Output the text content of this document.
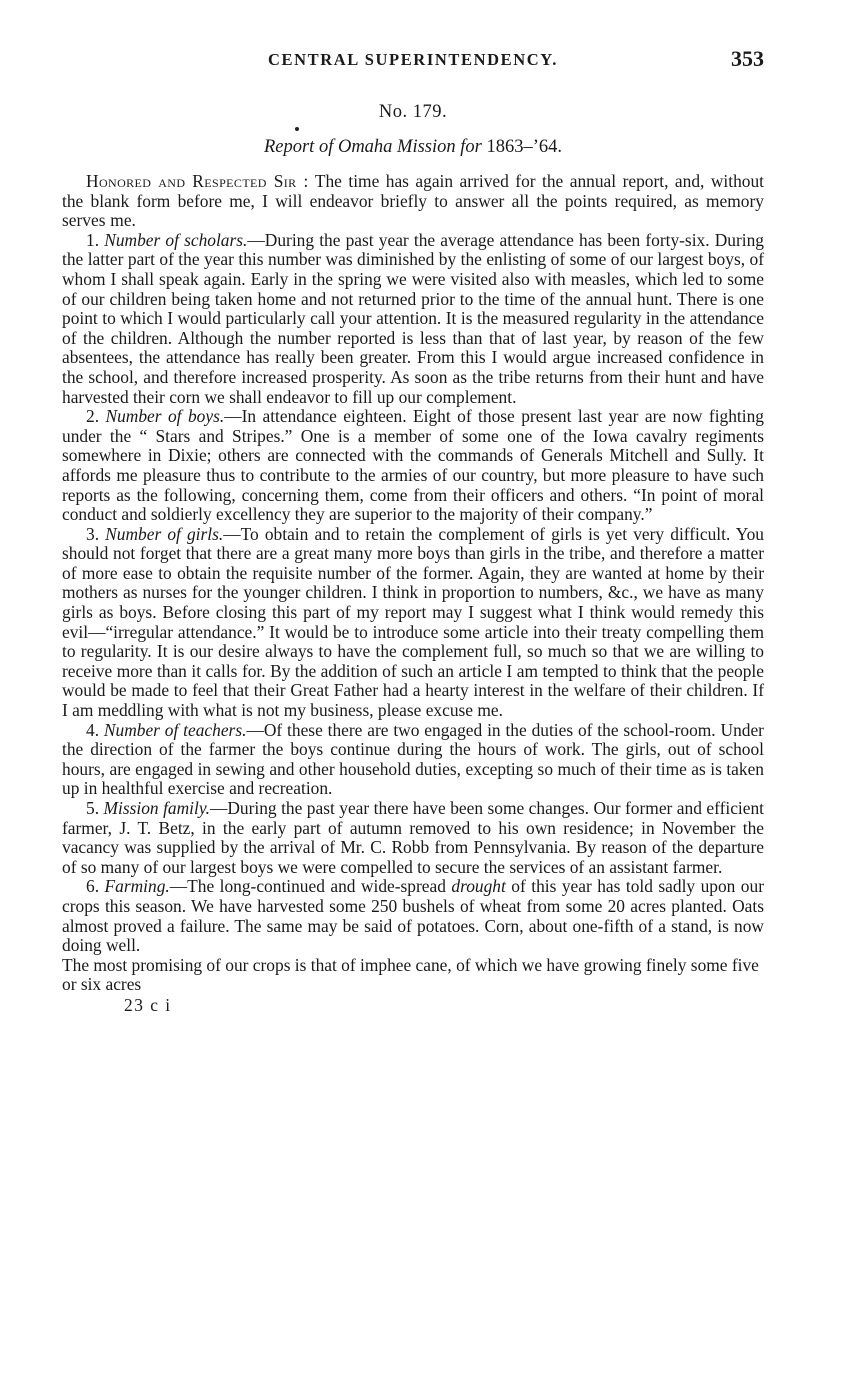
CENTRAL SUPERINTENDENCY.	353
No. 179.
Report of Omaha Mission for 1863–’64.

Honored and Respected Sir : The time has again arrived for the annual report, and, without the blank form before me, I will endeavor briefly to answer all the points required, as memory serves me.

1. Number of scholars.—During the past year the average attendance has been forty-six. During the latter part of the year this number was diminished by the enlisting of some of our largest boys, of whom I shall speak again. Early in the spring we were visited also with measles, which led to some of our children being taken home and not returned prior to the time of the annual hunt. There is one point to which I would particularly call your attention. It is the measured regularity in the attendance of the children. Although the number reported is less than that of last year, by reason of the few absentees, the attendance has really been greater. From this I would argue increased confidence in the school, and therefore increased prosperity. As soon as the tribe returns from their hunt and have harvested their corn we shall endeavor to fill up our complement.

2. Number of boys.—In attendance eighteen. Eight of those present last year are now fighting under the “ Stars and Stripes.” One is a member of some one of the Iowa cavalry regiments somewhere in Dixie; others are connected with the commands of Generals Mitchell and Sully. It affords me pleasure thus to contribute to the armies of our country, but more pleasure to have such reports as the following, concerning them, come from their officers and others. “In point of moral conduct and soldierly excellency they are superior to the majority of their company.”

3. Number of girls.—To obtain and to retain the complement of girls is yet very difficult. You should not forget that there are a great many more boys than girls in the tribe, and therefore a matter of more ease to obtain the requisite number of the former. Again, they are wanted at home by their mothers as nurses for the younger children. I think in proportion to numbers, &c., we have as many girls as boys. Before closing this part of my report may I suggest what I think would remedy this evil—“irregular attendance.” It would be to introduce some article into their treaty compelling them to regularity. It is our desire always to have the complement full, so much so that we are willing to receive more than it calls for. By the addition of such an article I am tempted to think that the people would be made to feel that their Great Father had a hearty interest in the welfare of their children. If I am meddling with what is not my business, please excuse me.

4. Number of teachers.—Of these there are two engaged in the duties of the school-room. Under the direction of the farmer the boys continue during the hours of work. The girls, out of school hours, are engaged in sewing and other household duties, excepting so much of their time as is taken up in healthful exercise and recreation.

5. Mission family.—During the past year there have been some changes. Our former and efficient farmer, J. T. Betz, in the early part of autumn removed to his own residence; in November the vacancy was supplied by the arrival of Mr. C. Robb from Pennsylvania. By reason of the departure of so many of our largest boys we were compelled to secure the services of an assistant farmer.

6. Farming.—The long-continued and wide-spread drought of this year has told sadly upon our crops this season. We have harvested some 250 bushels of wheat from some 20 acres planted. Oats almost proved a failure. The same may be said of potatoes. Corn, about one-fifth of a stand, is now doing well.

The most promising of our crops is that of imphee cane, of which we have growing finely some five or six acres

23 c i
